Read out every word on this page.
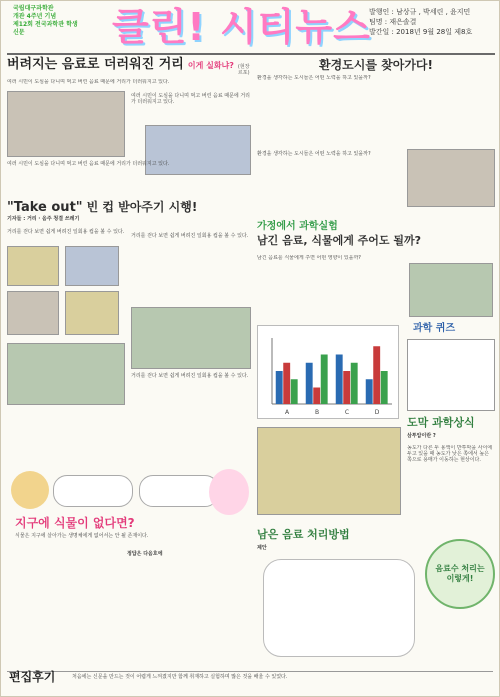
국립대구과학관
개관 4주년 기념
제12회 전국과학관 학생신문	클린! 시티뉴스
발행인 : 남상규 , 박세린 , 윤지민
팀명 : 재은솔결
발간일 : 2018년 9월 28일 제8호
버려지는 음료로 더러워진 거리 이게 실화냐? (현장르포)
여러 시민이 도심을 다니며 먹고 버린 음료 때문에 거리가 더러워지고 있다.
여러 시민이 도심을 다니며 먹고 버린 음료 때문에 거리가 더러워지고 있다.
여러 시민이 도심을 다니며 먹고 버린 음료 때문에 거리가 더러워지고 있다.
"Take out" 빈 컵 받아주기 시행!
기자들 : 거리 · 음주 청결 쓰레기
거리를 걷다 보면 쉽게 버려진 일회용 컵을 볼 수 있다.
거리를 걷다 보면 쉽게 버려진 일회용 컵을 볼 수 있다.
거리를 걷다 보면 쉽게 버려진 일회용 컵을 볼 수 있다.
지구에 식물이 없다면?
식물은 지구에 살아가는 생명체에게 없어서는 안 될 존재이다.
정답은 다음호에
환경도시를 찾아가다!
환경을 생각하는 도시들은 어떤 노력을 하고 있을까?
환경을 생각하는 도시들은 어떤 노력을 하고 있을까?
가정에서 과학실험
남긴 음료, 식물에게 주어도 될까?
남긴 음료를 식물에게 주면 어떤 영향이 있을까?
과학 퀴즈
도막 과학상식
삼투압이란 ?
농도가 다른 두 용액이 반투막을 사이에 두고 있을 때 농도가 낮은 쪽에서 높은 쪽으로 용매가 이동하는 현상이다.
A	B	C	D
남은 음료 처리방법
제안
음료수 처리는 이렇게!
편집후기	처음에는 신문을 만드는 것이 어렵게 느껴졌지만 함께 취재하고 실험하며 많은 것을 배울 수 있었다.
